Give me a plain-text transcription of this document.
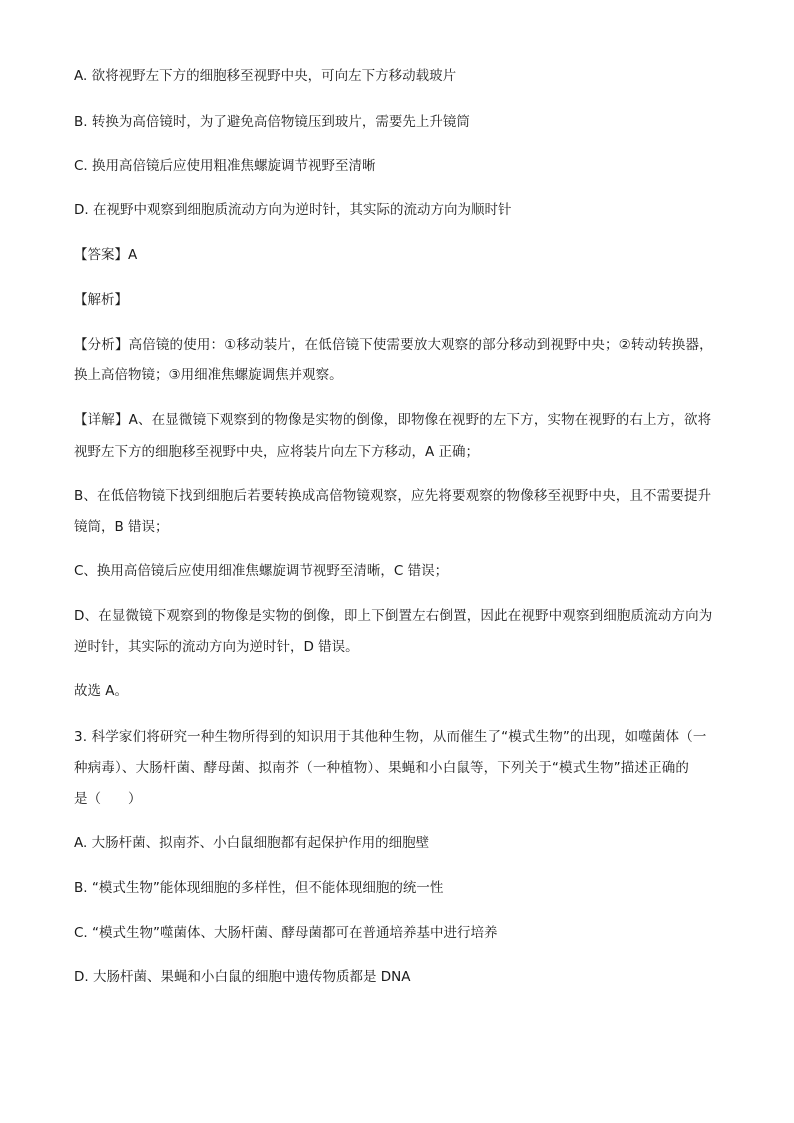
A. 欲将视野左下方的细胞移至视野中央，可向左下方移动载玻片
B. 转换为高倍镜时，为了避免高倍物镜压到玻片，需要先上升镜筒
C. 换用高倍镜后应使用粗准焦螺旋调节视野至清晰
D. 在视野中观察到细胞质流动方向为逆时针，其实际的流动方向为顺时针
【答案】A
【解析】
【分析】高倍镜的使用：①移动装片，在低倍镜下使需要放大观察的部分移动到视野中央；②转动转换器，
换上高倍物镜；③用细准焦螺旋调焦并观察。
【详解】A、在显微镜下观察到的物像是实物的倒像，即物像在视野的左下方，实物在视野的右上方，欲将
视野左下方的细胞移至视野中央，应将装片向左下方移动，A 正确；
B、在低倍物镜下找到细胞后若要转换成高倍物镜观察，应先将要观察的物像移至视野中央，且不需要提升
镜筒，B 错误；
C、换用高倍镜后应使用细准焦螺旋调节视野至清晰，C 错误；
D、在显微镜下观察到的物像是实物的倒像，即上下倒置左右倒置，因此在视野中观察到细胞质流动方向为
逆时针，其实际的流动方向为逆时针，D 错误。
故选 A。
3. 科学家们将研究一种生物所得到的知识用于其他种生物，从而催生了“模式生物”的出现，如噬菌体（一
种病毒）、大肠杆菌、酵母菌、拟南芥（一种植物）、果蝇和小白鼠等，下列关于“模式生物”描述正确的
是（　　）
A. 大肠杆菌、拟南芥、小白鼠细胞都有起保护作用的细胞壁
B. “模式生物”能体现细胞的多样性，但不能体现细胞的统一性
C. “模式生物”噬菌体、大肠杆菌、酵母菌都可在普通培养基中进行培养
D. 大肠杆菌、果蝇和小白鼠的细胞中遗传物质都是 DNA
